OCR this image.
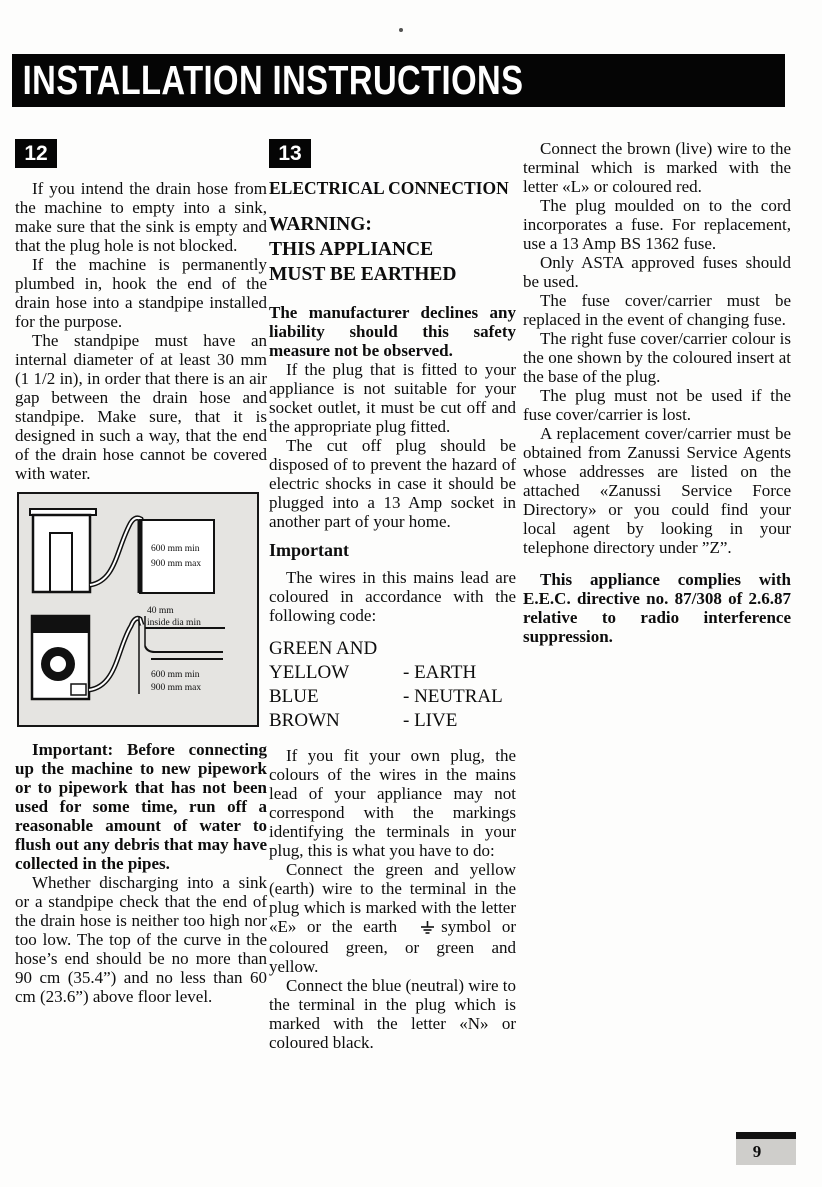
INSTALLATION INSTRUCTIONS
12

If you intend the drain hose from the machine to empty into a sink, make sure that the sink is empty and that the plug hole is not blocked.

If the machine is permanently plumbed in, hook the end of the drain hose into a standpipe installed for the purpose.

The standpipe must have an internal diameter of at least 30 mm (1 1/2 in), in order that there is an air gap between the drain hose and standpipe. Make sure, that it is designed in such a way, that the end of the drain hose cannot be covered with water.

600 mm min
900 mm max
40 mm
inside dia min
600 mm min
900 mm max

Important: Before connecting up the machine to new pipework or to pipework that has not been used for some time, run off a reasonable amount of water to flush out any debris that may have collected in the pipes.

Whether discharging into a sink or a standpipe check that the end of the drain hose is neither too high nor too low. The top of the curve in the hose’s end should be no more than 90 cm (35.4”) and no less than 60 cm (23.6”) above floor level.

13
ELECTRICAL CONNECTION
WARNING:
THIS APPLIANCE
MUST BE EARTHED

The manufacturer declines any liability should this safety measure not be observed.

If the plug that is fitted to your appliance is not suitable for your socket outlet, it must be cut off and the appropriate plug fitted.

The cut off plug should be disposed of to prevent the hazard of electric shocks in case it should be plugged into a 13 Amp socket in another part of your home.

Important

The wires in this mains lead are coloured in accordance with the following code:

GREEN AND
YELLOW	- EARTH
BLUE	- NEUTRAL
BROWN	- LIVE

If you fit your own plug, the colours of the wires in the mains lead of your appliance may not correspond with the markings identifying the terminals in your plug, this is what you have to do:

Connect the green and yellow (earth) wire to the terminal in the plug which is marked with the letter «E» or the earth	symbol or coloured green, or green and yellow.

Connect the blue (neutral) wire to the terminal in the plug which is marked with the letter «N» or coloured black.

Connect the brown (live) wire to the terminal which is marked with the letter «L» or coloured red.

The plug moulded on to the cord incorporates a fuse. For replacement, use a 13 Amp BS 1362 fuse.

Only ASTA approved fuses should be used.

The fuse cover/carrier must be replaced in the event of changing fuse.

The right fuse cover/carrier colour is the one shown by the coloured insert at the base of the plug.

The plug must not be used if the fuse cover/carrier is lost.

A replacement cover/carrier must be obtained from Zanussi Service Agents whose addresses are listed on the attached «Zanussi Service Force Directory» or you could find your local agent by looking in your telephone directory under ”Z”.

This appliance complies with E.E.C. directive no. 87/308 of 2.6.87 relative to radio interference suppression.

9
